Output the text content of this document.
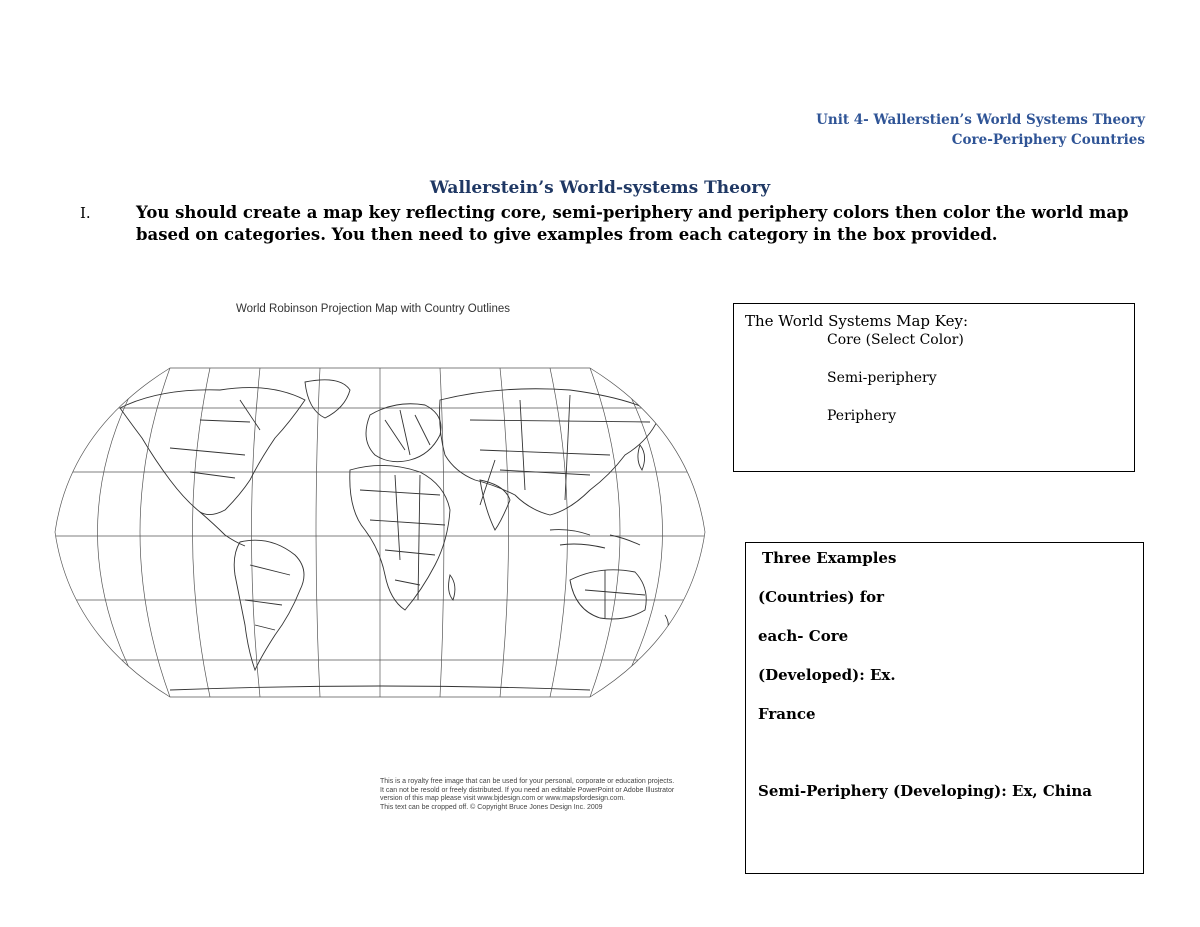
Unit 4- Wallerstien’s World Systems Theory
Core-Periphery Countries
Wallerstein’s World-systems Theory
I.	You should create a map key reflecting core, semi-periphery and periphery colors then color the world map based on categories. You then need to give examples from each category in the box provided.
World Robinson Projection Map with Country Outlines
This is a royalty free image that can be used for your personal, corporate or education projects.
It can not be resold or freely distributed. If you need an editable PowerPoint or Adobe Illustrator
version of this map please visit www.bjdesign.com or www.mapsfordesign.com.
This text can be cropped off. © Copyright Bruce Jones Design Inc. 2009
The World Systems Map Key:
Core (Select Color)
Semi-periphery
Periphery
Three Examples
(Countries) for
each- Core
(Developed): Ex.
France
Semi-Periphery (Developing): Ex, China
